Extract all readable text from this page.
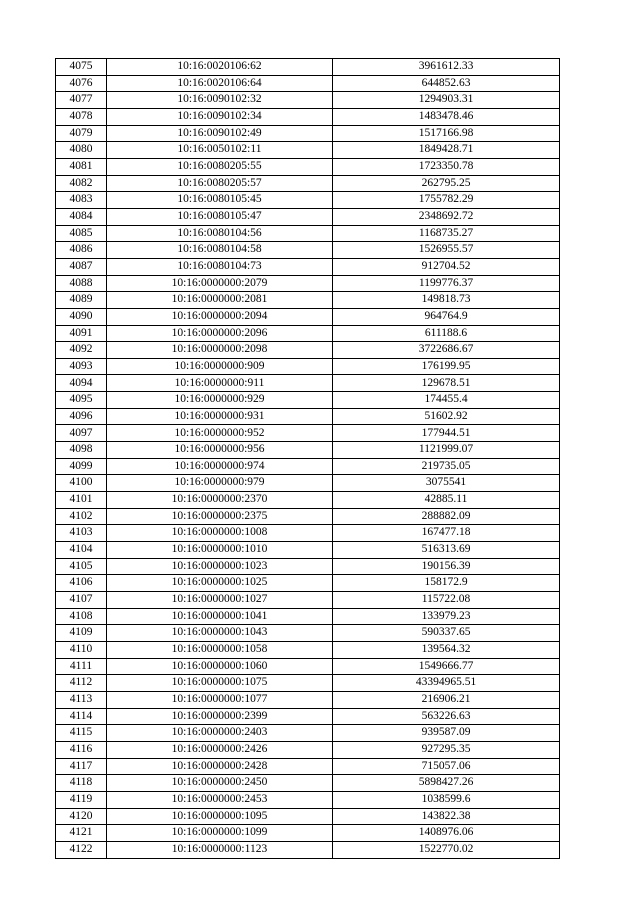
4075	10:16:0020106:62	3961612.33
4076	10:16:0020106:64	644852.63
4077	10:16:0090102:32	1294903.31
4078	10:16:0090102:34	1483478.46
4079	10:16:0090102:49	1517166.98
4080	10:16:0050102:11	1849428.71
4081	10:16:0080205:55	1723350.78
4082	10:16:0080205:57	262795.25
4083	10:16:0080105:45	1755782.29
4084	10:16:0080105:47	2348692.72
4085	10:16:0080104:56	1168735.27
4086	10:16:0080104:58	1526955.57
4087	10:16:0080104:73	912704.52
4088	10:16:0000000:2079	1199776.37
4089	10:16:0000000:2081	149818.73
4090	10:16:0000000:2094	964764.9
4091	10:16:0000000:2096	611188.6
4092	10:16:0000000:2098	3722686.67
4093	10:16:0000000:909	176199.95
4094	10:16:0000000:911	129678.51
4095	10:16:0000000:929	174455.4
4096	10:16:0000000:931	51602.92
4097	10:16:0000000:952	177944.51
4098	10:16:0000000:956	1121999.07
4099	10:16:0000000:974	219735.05
4100	10:16:0000000:979	3075541
4101	10:16:0000000:2370	42885.11
4102	10:16:0000000:2375	288882.09
4103	10:16:0000000:1008	167477.18
4104	10:16:0000000:1010	516313.69
4105	10:16:0000000:1023	190156.39
4106	10:16:0000000:1025	158172.9
4107	10:16:0000000:1027	115722.08
4108	10:16:0000000:1041	133979.23
4109	10:16:0000000:1043	590337.65
4110	10:16:0000000:1058	139564.32
4111	10:16:0000000:1060	1549666.77
4112	10:16:0000000:1075	43394965.51
4113	10:16:0000000:1077	216906.21
4114	10:16:0000000:2399	563226.63
4115	10:16:0000000:2403	939587.09
4116	10:16:0000000:2426	927295.35
4117	10:16:0000000:2428	715057.06
4118	10:16:0000000:2450	5898427.26
4119	10:16:0000000:2453	1038599.6
4120	10:16:0000000:1095	143822.38
4121	10:16:0000000:1099	1408976.06
4122	10:16:0000000:1123	1522770.02
